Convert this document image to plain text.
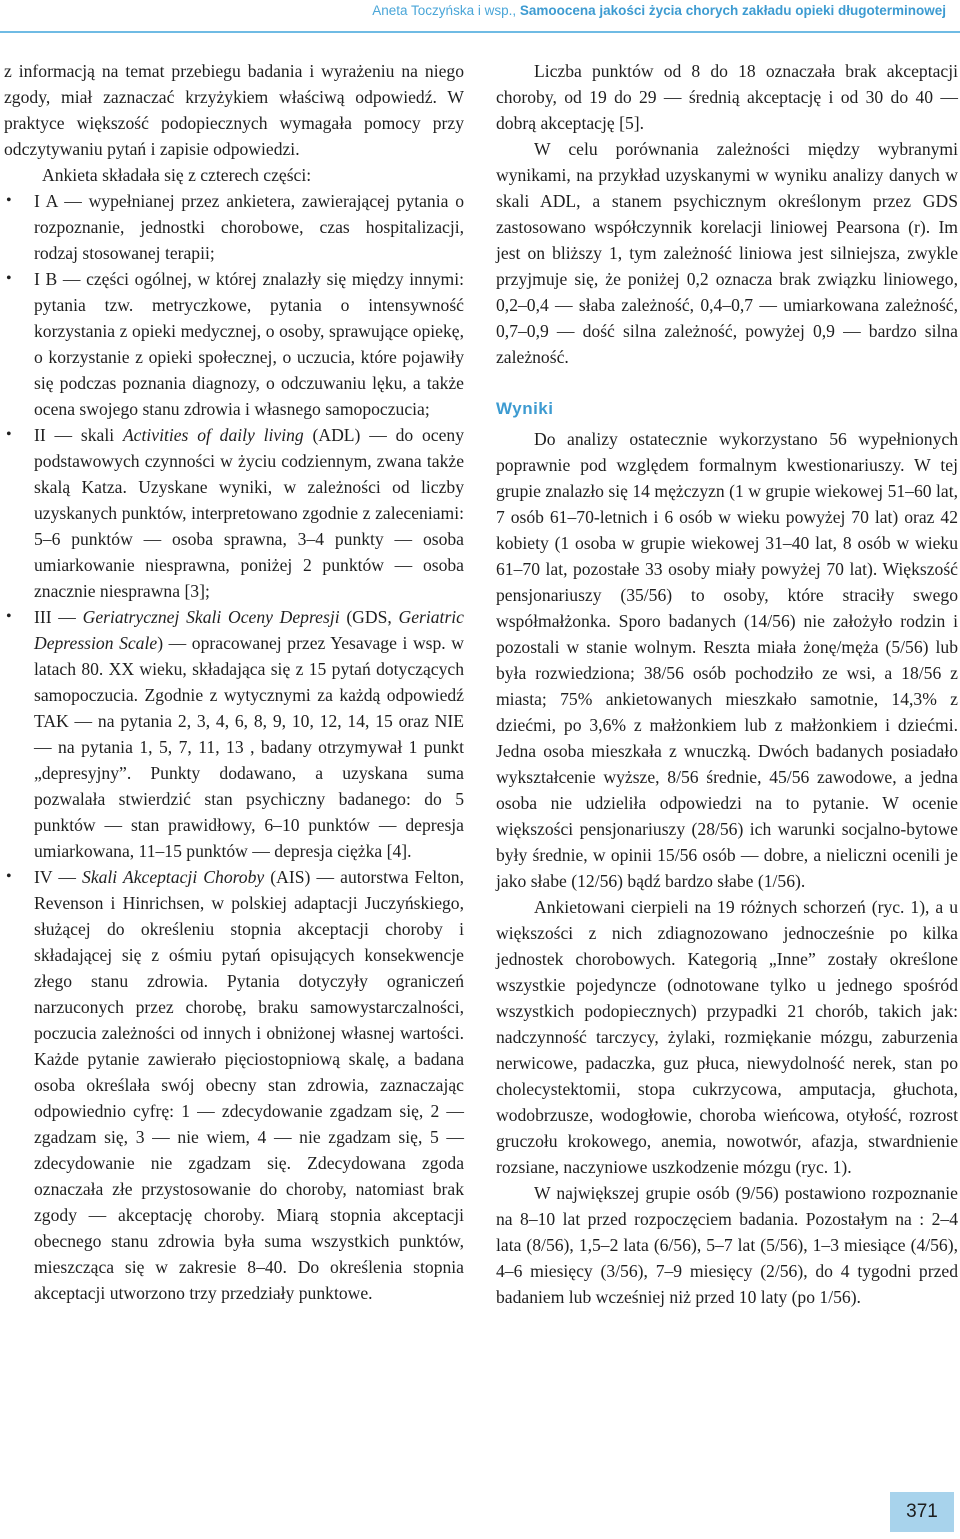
Aneta Toczyńska i wsp., Samoocena jakości życia chorych zakładu opieki długoterminowej

z informacją na temat przebiegu badania i wyrażeniu na niego zgody, miał zaznaczać krzyżykiem właściwą odpowiedź. W praktyce większość podopiecznych wymagała pomocy przy odczytywaniu pytań i zapisie odpowiedzi.

Ankieta składała się z czterech części:

• I A — wypełnianej przez ankietera, zawierającej pytania o rozpoznanie, jednostki chorobowe, czas hospitalizacji, rodzaj stosowanej terapii;
• I B — części ogólnej, w której znalazły się między innymi: pytania tzw. metryczkowe, pytania o intensywność korzystania z opieki medycznej, o osoby, sprawujące opiekę, o korzystanie z opieki społecznej, o uczucia, które pojawiły się podczas poznania diagnozy, o odczuwaniu lęku, a także ocena swojego stanu zdrowia i własnego samopoczucia;
• II — skali Activities of daily living (ADL) — do oceny podstawowych czynności w życiu codziennym, zwana także skalą Katza. Uzyskane wyniki, w zależności od liczby uzyskanych punktów, interpretowano zgodnie z zaleceniami: 5–6 punktów — osoba sprawna, 3–4 punkty — osoba umiarkowanie niesprawna, poniżej 2 punktów — osoba znacznie niesprawna [3];
• III — Geriatrycznej Skali Oceny Depresji (GDS, Geriatric Depression Scale) — opracowanej przez Yesavage i wsp. w latach 80. XX wieku, składająca się z 15 pytań dotyczących samopoczucia. Zgodnie z wytycznymi za każdą odpowiedź TAK — na pytania 2, 3, 4, 6, 8, 9, 10, 12, 14, 15 oraz NIE — na pytania 1, 5, 7, 11, 13 , badany otrzymywał 1 punkt „depresyjny”. Punkty dodawano, a uzyskana suma pozwalała stwierdzić stan psychiczny badanego: do 5 punktów — stan prawidłowy, 6–10 punktów — depresja umiarkowana, 11–15 punktów — depresja ciężka [4].
• IV — Skali Akceptacji Choroby (AIS) — autorstwa Felton, Revenson i Hinrichsen, w polskiej adaptacji Juczyńskiego, służącej do określeniu stopnia akceptacji choroby i składającej się z ośmiu pytań opisujących konsekwencje złego stanu zdrowia. Pytania dotyczyły ograniczeń narzuconych przez chorobę, braku samowystarczalności, poczucia zależności od innych i obniżonej własnej wartości. Każde pytanie zawierało pięciostopniową skalę, a badana osoba określała swój obecny stan zdrowia, zaznaczając odpowiednio cyfrę: 1 — zdecydowanie zgadzam się, 2 — zgadzam się, 3 — nie wiem, 4 — nie zgadzam się, 5 — zdecydowanie nie zgadzam się. Zdecydowana zgoda oznaczała złe przystosowanie do choroby, natomiast brak zgody — akceptację choroby. Miarą stopnia akceptacji obecnego stanu zdrowia była suma wszystkich punktów, mieszcząca się w zakresie 8–40. Do określenia stopnia akceptacji utworzono trzy przedziały punktowe.

Liczba punktów od 8 do 18 oznaczała brak akceptacji choroby, od 19 do 29 — średnią akceptację i od 30 do 40 — dobrą akceptację [5].

W celu porównania zależności między wybranymi wynikami, na przykład uzyskanymi w wyniku analizy danych w skali ADL, a stanem psychicznym określonym przez GDS zastosowano współczynnik korelacji liniowej Pearsona (r). Im jest on bliższy 1, tym zależność liniowa jest silniejsza, zwykle przyjmuje się, że poniżej 0,2 oznacza brak związku liniowego, 0,2–0,4 — słaba zależność, 0,4–0,7 — umiarkowana zależność, 0,7–0,9 — dość silna zależność, powyżej 0,9 — bardzo silna zależność.

Wyniki

Do analizy ostatecznie wykorzystano 56 wypełnionych poprawnie pod względem formalnym kwestionariuszy. W tej grupie znalazło się 14 mężczyzn (1 w grupie wiekowej 51–60 lat, 7 osób 61–70-letnich i 6 osób w wieku powyżej 70 lat) oraz 42 kobiety (1 osoba w grupie wiekowej 31–40 lat, 8 osób w wieku 61–70 lat, pozostałe 33 osoby miały powyżej 70 lat). Większość pensjonariuszy (35/56) to osoby, które straciły swego współmałżonka. Sporo badanych (14/56) nie założyło rodzin i pozostali w stanie wolnym. Reszta miała żonę/męża (5/56) lub była rozwiedziona; 38/56 osób pochodziło ze wsi, a 18/56 z miasta; 75% ankietowanych mieszkało samotnie, 14,3% z dziećmi, po 3,6% z małżonkiem lub z małżonkiem i dziećmi. Jedna osoba mieszkała z wnuczką. Dwóch badanych posiadało wykształcenie wyższe, 8/56 średnie, 45/56 zawodowe, a jedna osoba nie udzieliła odpowiedzi na to pytanie. W ocenie większości pensjonariuszy (28/56) ich warunki socjalno-bytowe były średnie, w opinii 15/56 osób — dobre, a nieliczni ocenili je jako słabe (12/56) bądź bardzo słabe (1/56).

Ankietowani cierpieli na 19 różnych schorzeń (ryc. 1), a u większości z nich zdiagnozowano jednocześnie po kilka jednostek chorobowych. Kategorią „Inne” zostały określone wszystkie pojedyncze (odnotowane tylko u jednego spośród wszystkich podopiecznych) przypadki 21 chorób, takich jak: nadczynność tarczycy, żylaki, rozmiękanie mózgu, zaburzenia nerwicowe, padaczka, guz płuca, niewydolność nerek, stan po cholecystektomii, stopa cukrzycowa, amputacja, głuchota, wodobrzusze, wodogłowie, choroba wieńcowa, otyłość, rozrost gruczołu krokowego, anemia, nowotwór, afazja, stwardnienie rozsiane, naczyniowe uszkodzenie mózgu (ryc. 1).

W największej grupie osób (9/56) postawiono rozpoznanie na 8–10 lat przed rozpoczęciem badania. Pozostałym na : 2–4 lata (8/56), 1,5–2 lata (6/56), 5–7 lat (5/56), 1–3 miesiące (4/56), 4–6 miesięcy (3/56), 7–9 miesięcy (2/56), do 4 tygodni przed badaniem lub wcześniej niż przed 10 laty (po 1/56).

371
